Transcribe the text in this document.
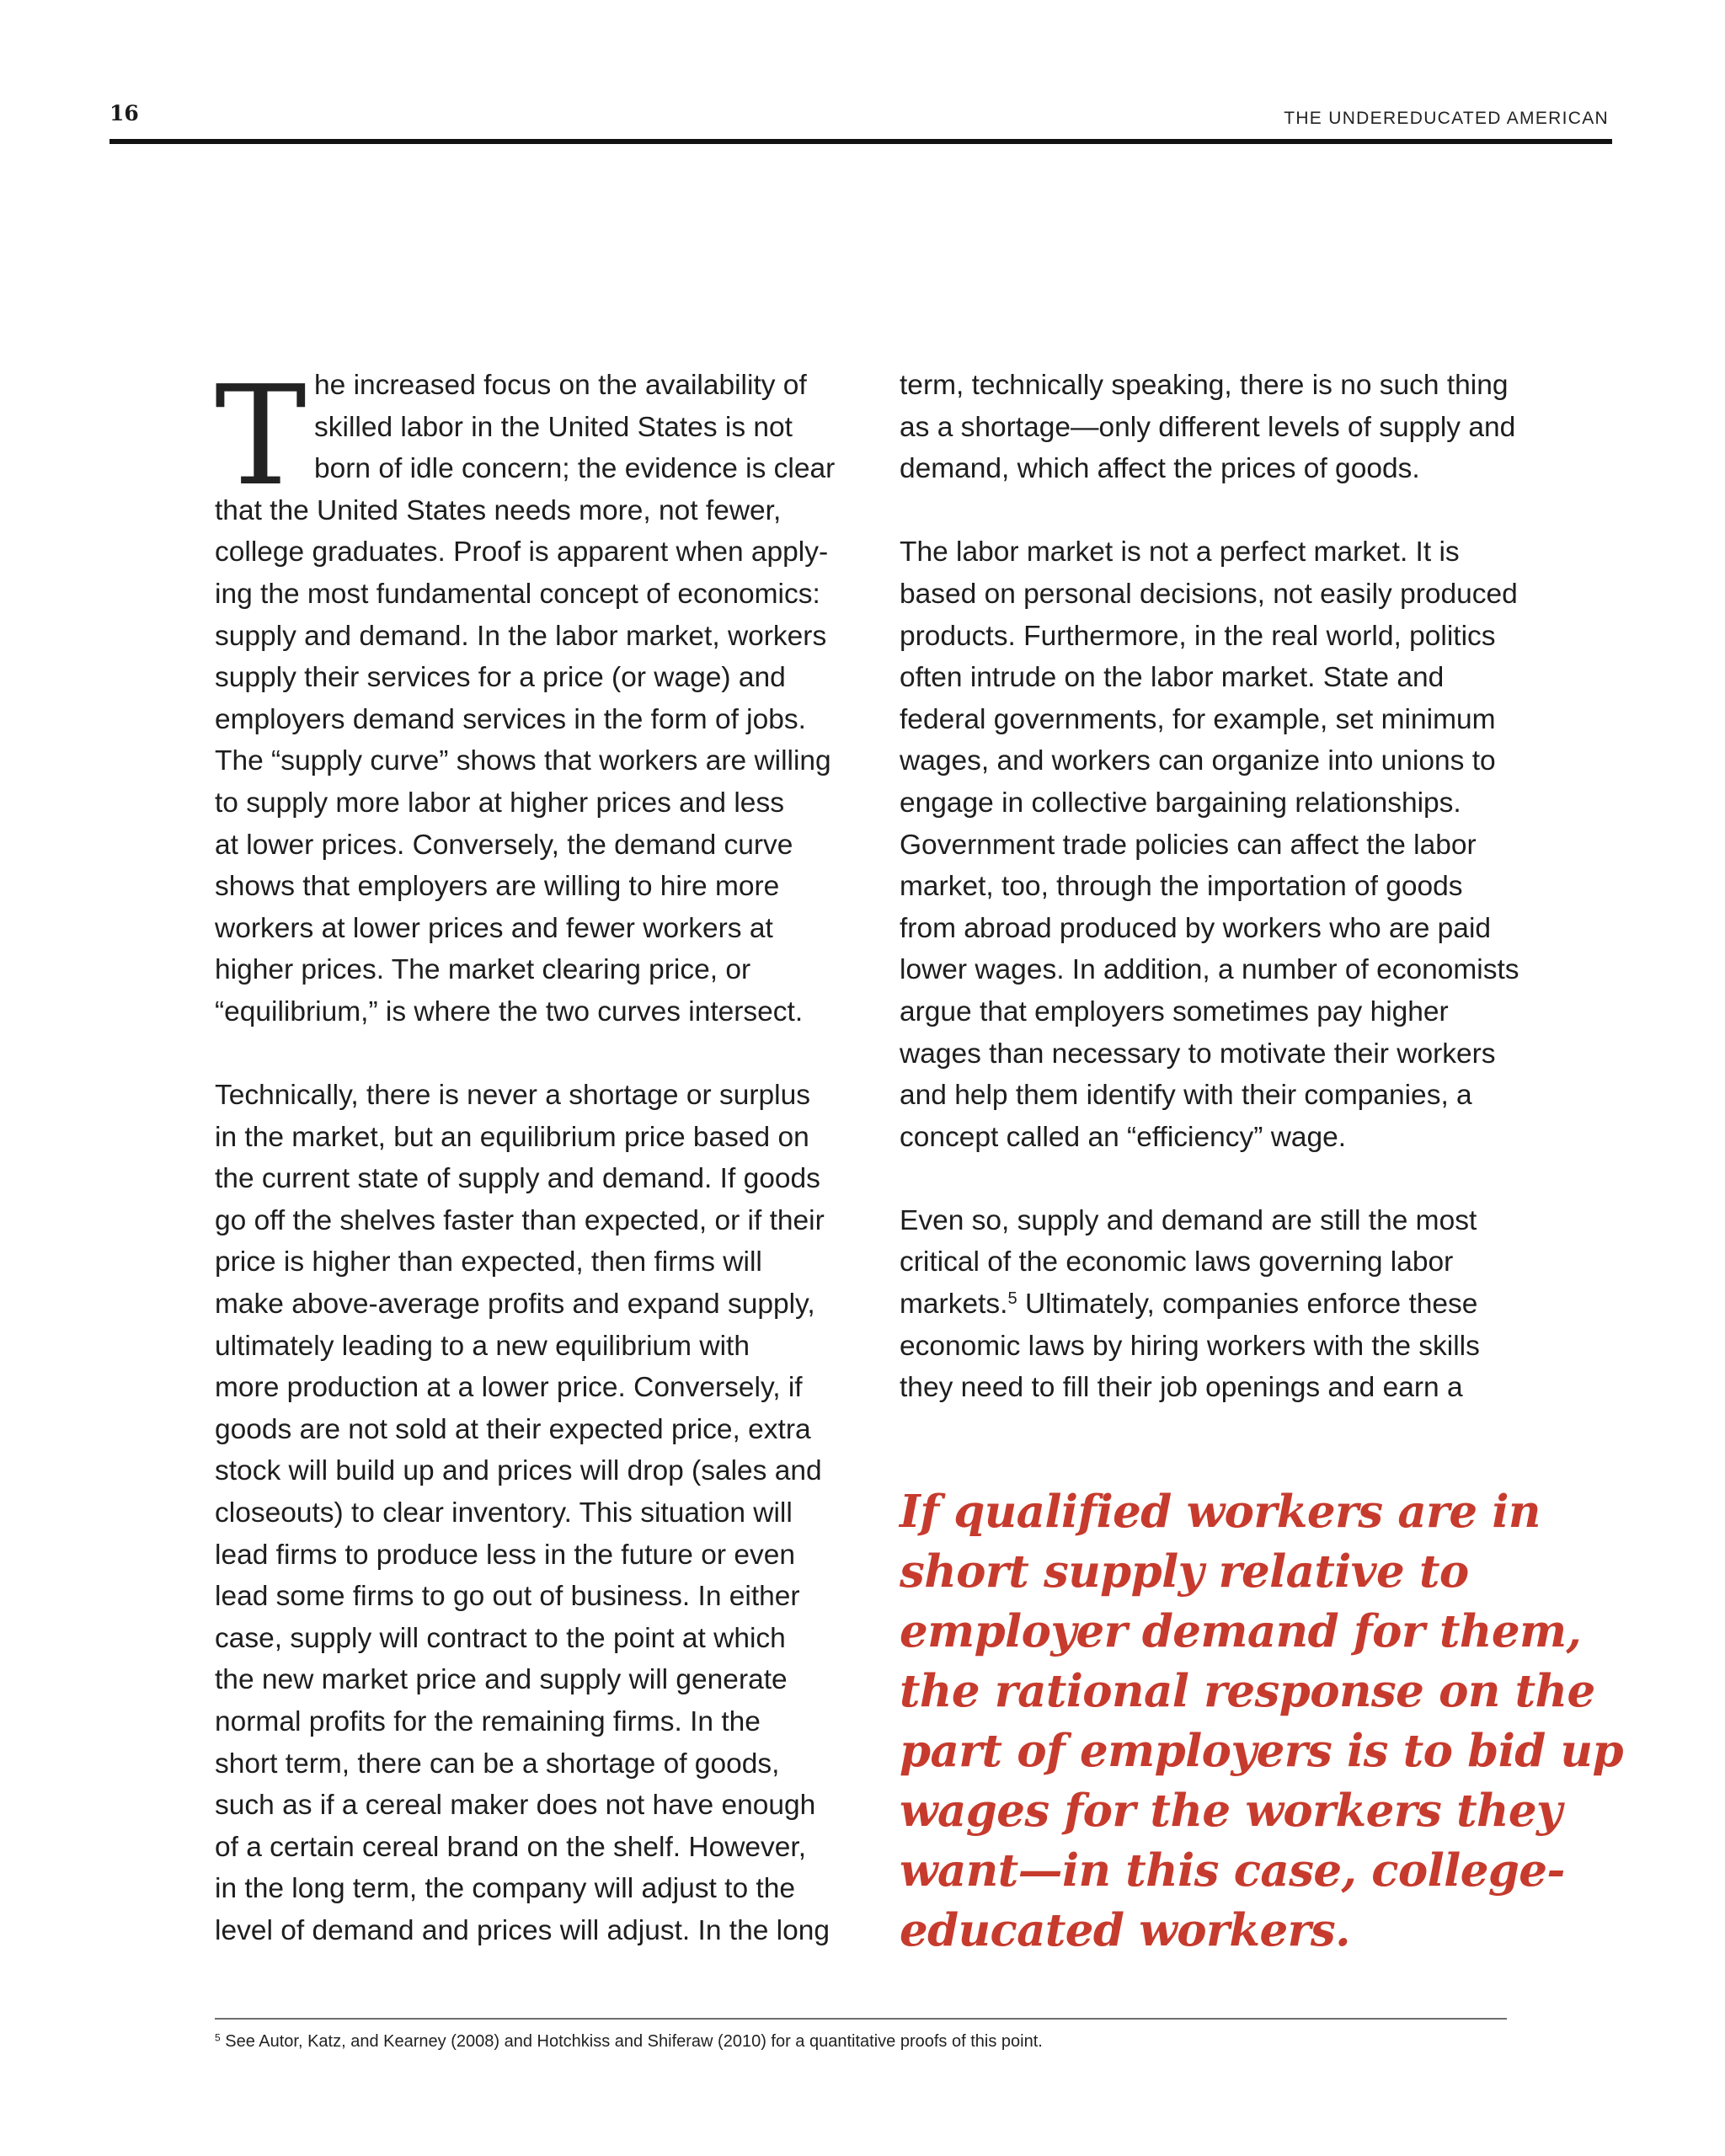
16	THE UNDEREDUCATED AMERICAN
T he increased focus on the availability of

skilled labor in the United States is not

born of idle concern; the evidence is clear

that the United States needs more, not fewer,

college graduates. Proof is apparent when apply-

ing the most fundamental concept of economics:

supply and demand. In the labor market, workers

supply their services for a price (or wage) and

employers demand services in the form of jobs.

The “supply curve” shows that workers are willing

to supply more labor at higher prices and less

at lower prices. Conversely, the demand curve

shows that employers are willing to hire more

workers at lower prices and fewer workers at

higher prices. The market clearing price, or

“equilibrium,” is where the two curves intersect.

Technically, there is never a shortage or surplus

in the market, but an equilibrium price based on

the current state of supply and demand. If goods

go off the shelves faster than expected, or if their

price is higher than expected, then firms will

make above-average profits and expand supply,

ultimately leading to a new equilibrium with

more production at a lower price. Conversely, if

goods are not sold at their expected price, extra

stock will build up and prices will drop (sales and

closeouts) to clear inventory. This situation will

lead firms to produce less in the future or even

lead some firms to go out of business. In either

case, supply will contract to the point at which

the new market price and supply will generate

normal profits for the remaining firms. In the

short term, there can be a shortage of goods,

such as if a cereal maker does not have enough

of a certain cereal brand on the shelf. However,

in the long term, the company will adjust to the

level of demand and prices will adjust. In the long

term, technically speaking, there is no such thing

as a shortage—only different levels of supply and

demand, which affect the prices of goods.

The labor market is not a perfect market. It is

based on personal decisions, not easily produced

products. Furthermore, in the real world, politics

often intrude on the labor market. State and

federal governments, for example, set minimum

wages, and workers can organize into unions to

engage in collective bargaining relationships.

Government trade policies can affect the labor

market, too, through the importation of goods

from abroad produced by workers who are paid

lower wages. In addition, a number of economists

argue that employers sometimes pay higher

wages than necessary to motivate their workers

and help them identify with their companies, a

concept called an “efficiency” wage.

Even so, supply and demand are still the most

critical of the economic laws governing labor

markets.$^5$ Ultimately, companies enforce these

economic laws by hiring workers with the skills

they need to fill their job openings and earn a

If qualified workers are in

short supply relative to

employer demand for them,

the rational response on the

part of employers is to bid up

wages for the workers they

want—in this case, college-

educated workers.

$^5$ See Autor, Katz, and Kearney (2008) and Hotchkiss and Shiferaw (2010) for a quantitative proofs of this point.
